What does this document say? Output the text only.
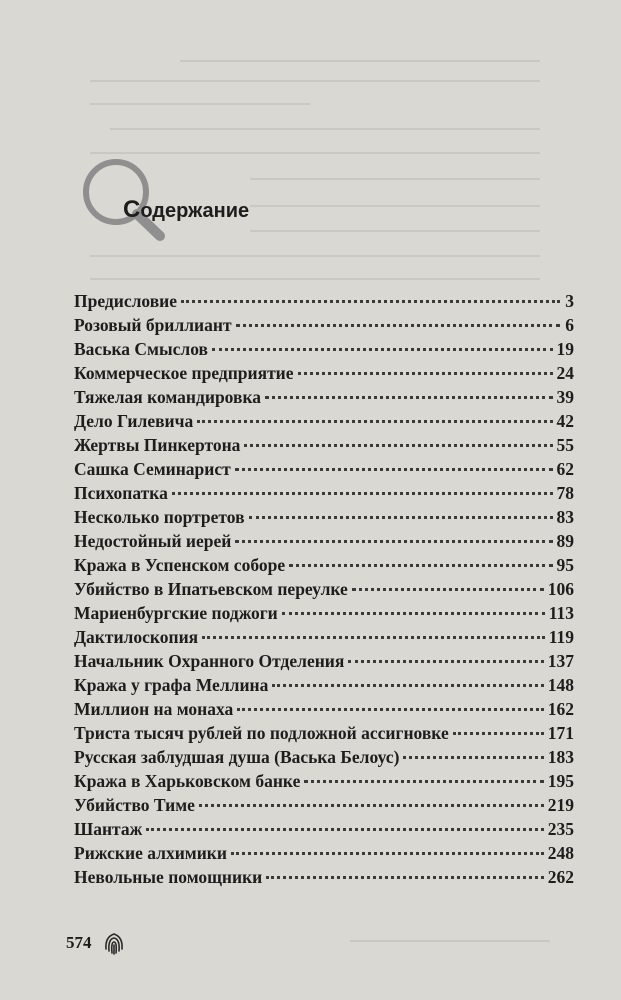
Содержание
Предисловие	3
Розовый бриллиант	6
Васька Смыслов	19
Коммерческое предприятие	24
Тяжелая командировка	39
Дело Гилевича	42
Жертвы Пинкертона	55
Сашка Семинарист	62
Психопатка	78
Несколько портретов	83
Недостойный иерей	89
Кража в Успенском соборе	95
Убийство в Ипатьевском переулке	106
Мариенбургские поджоги	113
Дактилоскопия	119
Начальник Охранного Отделения	137
Кража у графа Меллина	148
Миллион на монаха	162
Триста тысяч рублей по подложной ассигновке	171
Русская заблудшая душа (Васька Белоус)	183
Кража в Харьковском банке	195
Убийство Тиме	219
Шантаж	235
Рижские алхимики	248
Невольные помощники	262
574
